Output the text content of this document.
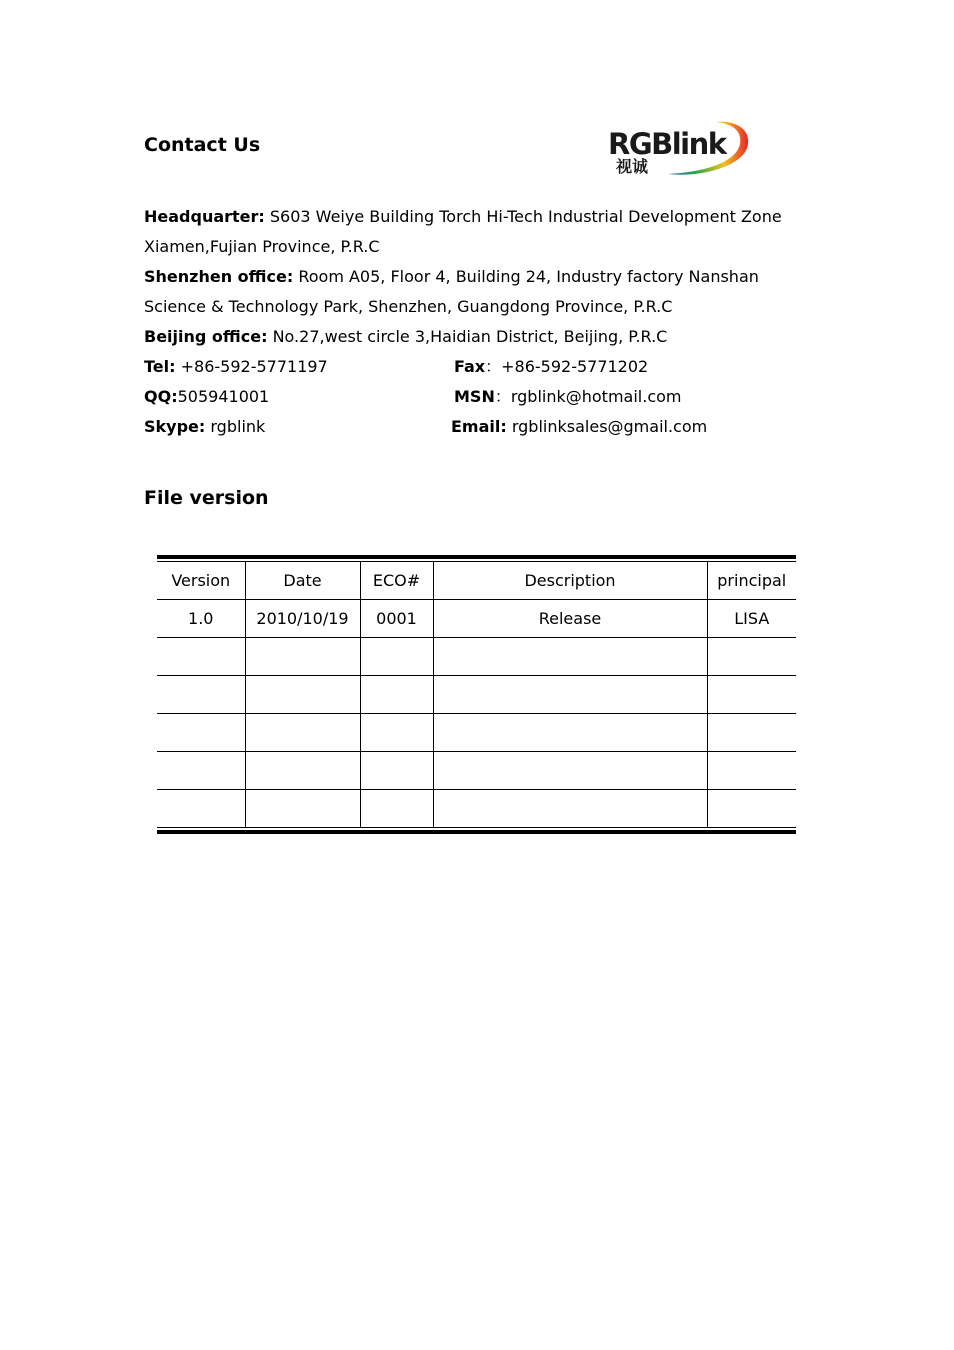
Contact Us	RGBlink
视诚
Headquarter: S603 Weiye Building Torch Hi-Tech Industrial Development Zone
Xiamen,Fujian Province, P.R.C
Shenzhen office: Room A05, Floor 4, Building 24, Industry factory Nanshan
Science & Technology Park, Shenzhen, Guangdong Province, P.R.C
Beijing office: No.27,west circle 3,Haidian District, Beijing, P.R.C
Tel: +86-592-5771197	Fax：+86-592-5771202
QQ:505941001	MSN：rgblink@hotmail.com
Skype: rgblink	Email: rgblinksales@gmail.com
File version
Version	Date	ECO#	Description	principal
1.0	2010/10/19	0001	Release	LISA
